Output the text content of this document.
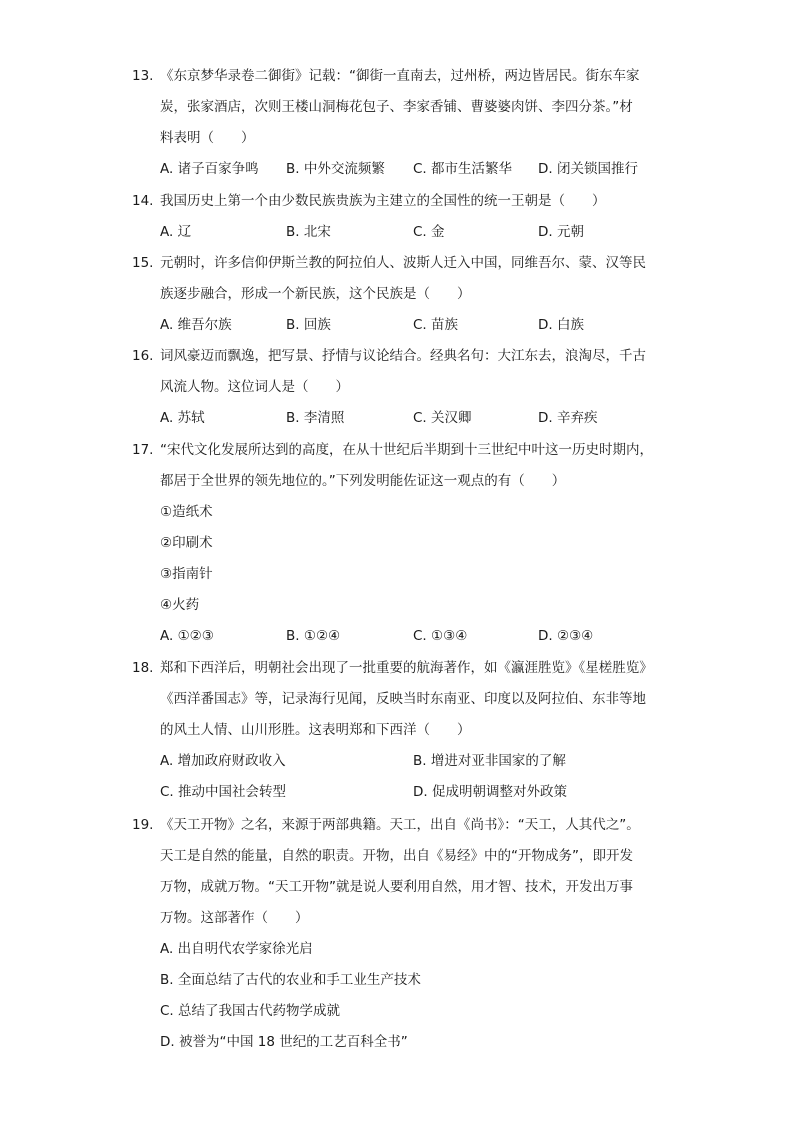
13. 《东京梦华录卷二御街》记载：“御街一直南去，过州桥，两边皆居民。街东车家
炭，张家酒店，次则王楼山洞梅花包子、李家香铺、曹婆婆肉饼、李四分茶。”材
料表明（　　）
A. 诸子百家争鸣 B. 中外交流频繁 C. 都市生活繁华 D. 闭关锁国推行
14. 我国历史上第一个由少数民族贵族为主建立的全国性的统一王朝是（　　）
A. 辽	B. 北宋	C. 金	D. 元朝
15. 元朝时，许多信仰伊斯兰教的阿拉伯人、波斯人迁入中国，同维吾尔、蒙、汉等民
族逐步融合，形成一个新民族，这个民族是（　　）
A. 维吾尔族	B. 回族	C. 苗族	D. 白族
16. 词风豪迈而飘逸，把写景、抒情与议论结合。经典名句：大江东去，浪淘尽，千古
风流人物。这位词人是（　　）
A. 苏轼	B. 李清照	C. 关汉卿	D. 辛弃疾
17. “宋代文化发展所达到的高度，在从十世纪后半期到十三世纪中叶这一历史时期内，
都居于全世界的领先地位的。”下列发明能佐证这一观点的有（　　）
①造纸术
②印刷术
③指南针
④火药
A. ①②③	B. ①②④	C. ①③④	D. ②③④
18. 郑和下西洋后，明朝社会出现了一批重要的航海著作，如《瀛涯胜览》《星槎胜览》
《西洋番国志》等，记录海行见闻，反映当时东南亚、印度以及阿拉伯、东非等地
的风土人情、山川形胜。这表明郑和下西洋（　　）
A. 增加政府财政收入	B. 增进对亚非国家的了解
C. 推动中国社会转型	D. 促成明朝调整对外政策
19. 《天工开物》之名，来源于两部典籍。天工，出自《尚书》：“天工，人其代之”。
天工是自然的能量，自然的职责。开物，出自《易经》中的“开物成务”，即开发
万物，成就万物。“天工开物”就是说人要利用自然，用才智、技术，开发出万事
万物。这部著作（　　）
A. 出自明代农学家徐光启
B. 全面总结了古代的农业和手工业生产技术
C. 总结了我国古代药物学成就
D. 被誉为“中国 18 世纪的工艺百科全书”
